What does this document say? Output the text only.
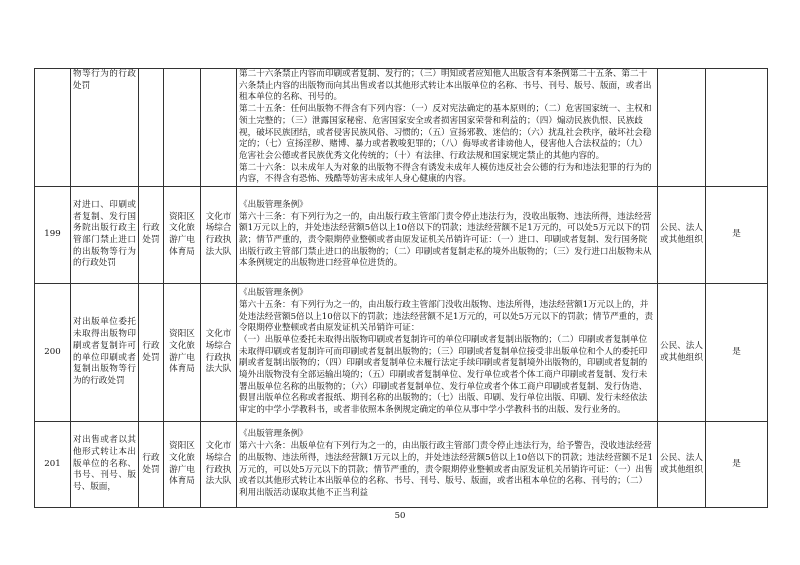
	物等行为的行政处罚				第二十六条禁止内容而印刷或者复制、发行的；（三）明知或者应知他人出版含有本条例第二十五条、第二十六条禁止内容的出版物而向其出售或者以其他形式转让本出版单位的名称、书号、刊号、版号、版面，或者出租本单位的名称、刊号的。
第二十五条：任何出版物不得含有下列内容：（一）反对宪法确定的基本原则的；（二）危害国家统一、主权和领土完整的；（三）泄露国家秘密、危害国家安全或者损害国家荣誉和利益的；（四）煽动民族仇恨、民族歧视，破坏民族团结，或者侵害民族风俗、习惯的；（五）宣扬邪教、迷信的；（六）扰乱社会秩序，破坏社会稳定的；（七）宣扬淫秽、赌博、暴力或者教唆犯罪的；（八）侮辱或者诽谤他人，侵害他人合法权益的；（九）危害社会公德或者民族优秀文化传统的；（十）有法律、行政法规和国家规定禁止的其他内容的。
第二十六条：以未成年人为对象的出版物不得含有诱发未成年人模仿违反社会公德的行为和违法犯罪的行为的内容，不得含有恐怖、残酷等妨害未成年人身心健康的内容。		

199	对进口、印刷或者复制、发行国务院出版行政主管部门禁止进口的出版物等行为的行政处罚	行政处罚	资阳区文化旅游广电体育局	文化市场综合行政执法大队	《出版管理条例》
第六十三条：有下列行为之一的，由出版行政主管部门责令停止违法行为，没收出版物、违法所得，违法经营额1万元以上的，并处违法经营额5倍以上10倍以下的罚款；违法经营额不足1万元的，可以处5万元以下的罚款；情节严重的，责令限期停业整顿或者由原发证机关吊销许可证：（一）进口、印刷或者复制、发行国务院出版行政主管部门禁止进口的出版物的；（二）印刷或者复制走私的境外出版物的；（三）发行进口出版物未从本条例规定的出版物进口经营单位进货的。	公民、法人或其他组织	是
200	对出版单位委托未取得出版物印刷或者复制许可的单位印刷或者复制出版物等行为的行政处罚	行政处罚	资阳区文化旅游广电体育局	文化市场综合行政执法大队	《出版管理条例》
第六十五条：有下列行为之一的，由出版行政主管部门没收出版物、违法所得，违法经营额1万元以上的，并处违法经营额5倍以上10倍以下的罚款；违法经营额不足1万元的，可以处5万元以下的罚款；情节严重的，责令限期停业整顿或者由原发证机关吊销许可证：
（一）出版单位委托未取得出版物印刷或者复制许可的单位印刷或者复制出版物的；（二）印刷或者复制单位未取得印刷或者复制许可而印刷或者复制出版物的；（三）印刷或者复制单位接受非出版单位和个人的委托印刷或者复制出版物的；（四）印刷或者复制单位未履行法定手续印刷或者复制境外出版物的，印刷或者复制的境外出版物没有全部运输出境的；（五）印刷或者复制单位、发行单位或者个体工商户印刷或者复制、发行未署出版单位名称的出版物的；（六）印刷或者复制单位、发行单位或者个体工商户印刷或者复制、发行伪造、假冒出版单位名称或者报纸、期刊名称的出版物的；（七）出版、印刷、发行单位出版、印刷、发行未经依法审定的中学小学教科书，或者非依照本条例规定确定的单位从事中学小学教科书的出版、发行业务的。	公民、法人或其他组织	是
201	对出售或者以其他形式转让本出版单位的名称、书号、刊号、版号、版面，	行政处罚	资阳区文化旅游广电体育局	文化市场综合行政执法大队	《出版管理条例》
第六十六条：出版单位有下列行为之一的，由出版行政主管部门责令停止违法行为，给予警告，没收违法经营的出版物、违法所得，违法经营额1万元以上的，并处违法经营额5倍以上10倍以下的罚款；违法经营额不足1万元的，可以处5万元以下的罚款；情节严重的，责令限期停业整顿或者由原发证机关吊销许可证：（一）出售或者以其他形式转让本出版单位的名称、书号、刊号、版号、版面，或者出租本单位的名称、刊号的；（二）利用出版活动谋取其他不正当利益	公民、法人或其他组织	是
50
